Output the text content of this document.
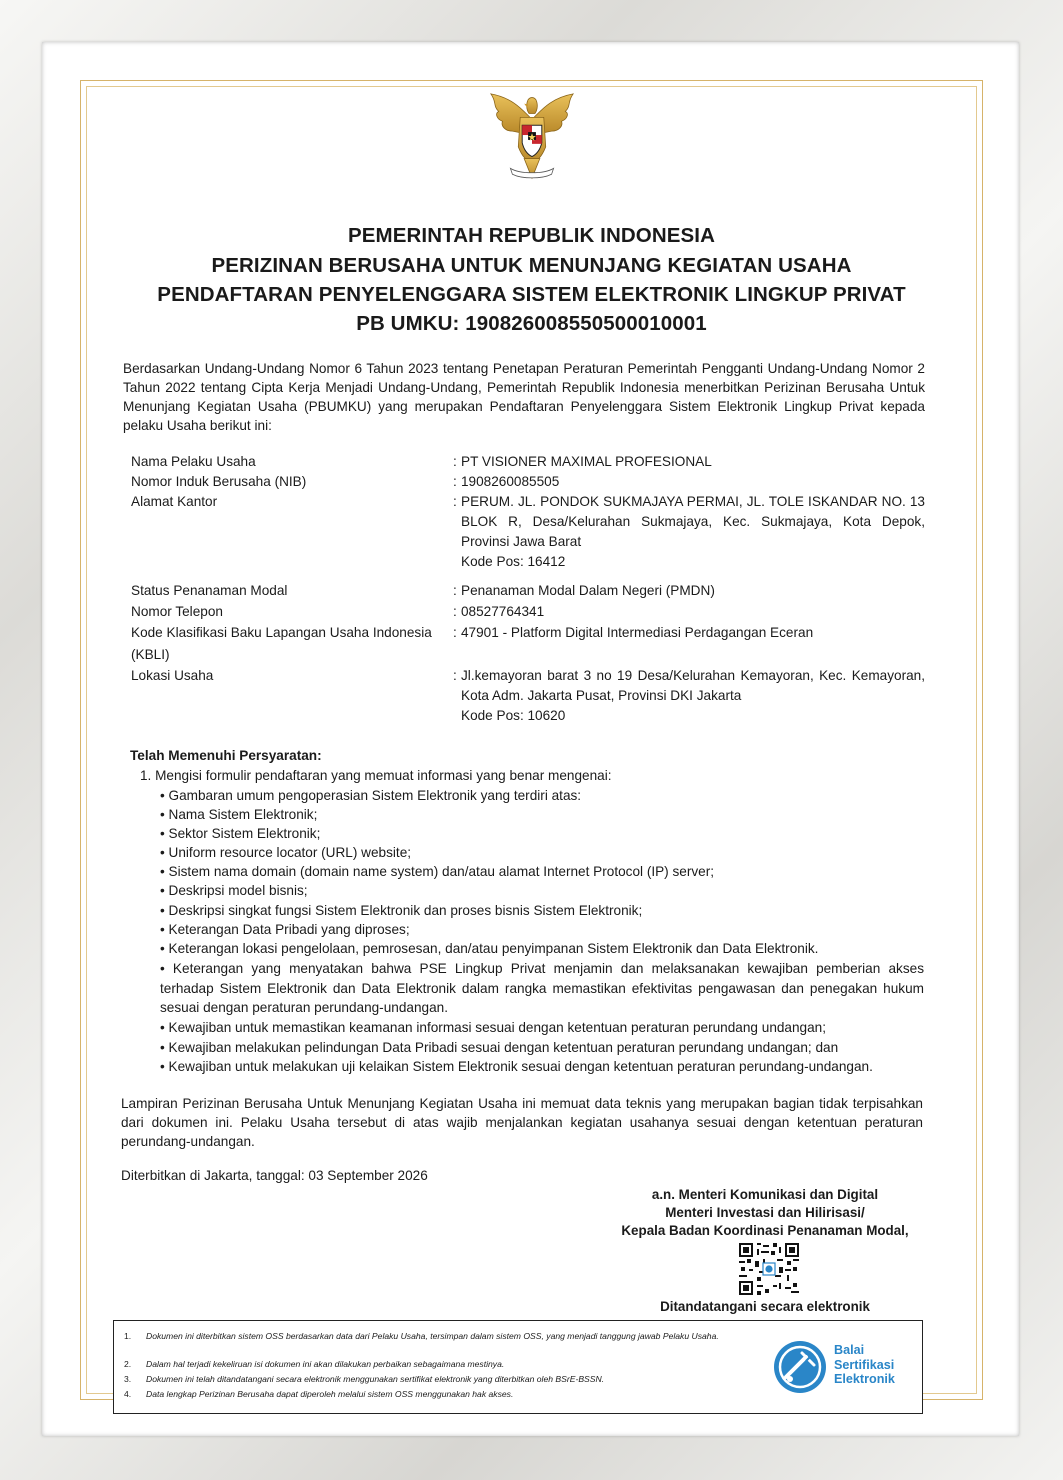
PEMERINTAH REPUBLIK INDONESIA
PERIZINAN BERUSAHA UNTUK MENUNJANG KEGIATAN USAHA
PENDAFTARAN PENYELENGGARA SISTEM ELEKTRONIK LINGKUP PRIVAT
PB UMKU: 190826008550500010001
Berdasarkan Undang-Undang Nomor 6 Tahun 2023 tentang Penetapan Peraturan Pemerintah Pengganti Undang-Undang Nomor 2 Tahun 2022 tentang Cipta Kerja Menjadi Undang-Undang, Pemerintah Republik Indonesia menerbitkan Perizinan Berusaha Untuk Menunjang Kegiatan Usaha (PBUMKU) yang merupakan Pendaftaran Penyelenggara Sistem Elektronik Lingkup Privat kepada pelaku Usaha berikut ini:
Nama Pelaku Usaha	: PT VISIONER MAXIMAL PROFESIONAL
Nomor Induk Berusaha (NIB)	: 1908260085505
Alamat Kantor	: PERUM. JL. PONDOK SUKMAJAYA PERMAI, JL. TOLE ISKANDAR NO. 13 BLOK R, Desa/Kelurahan Sukmajaya, Kec. Sukmajaya, Kota Depok, Provinsi Jawa Barat
Kode Pos: 16412
Status Penanaman Modal	: Penanaman Modal Dalam Negeri (PMDN)
Nomor Telepon	: 08527764341
Kode Klasifikasi Baku Lapangan Usaha Indonesia
(KBLI)
: 47901 - Platform Digital Intermediasi Perdagangan Eceran
Lokasi Usaha	: Jl.kemayoran barat 3 no 19 Desa/Kelurahan Kemayoran, Kec. Kemayoran, Kota Adm. Jakarta Pusat, Provinsi DKI Jakarta
Kode Pos: 10620
Telah Memenuhi Persyaratan:
1. Mengisi formulir pendaftaran yang memuat informasi yang benar mengenai:
• Gambaran umum pengoperasian Sistem Elektronik yang terdiri atas:
• Nama Sistem Elektronik;
• Sektor Sistem Elektronik;
• Uniform resource locator (URL) website;
• Sistem nama domain (domain name system) dan/atau alamat Internet Protocol (IP) server;
• Deskripsi model bisnis;
• Deskripsi singkat fungsi Sistem Elektronik dan proses bisnis Sistem Elektronik;
• Keterangan Data Pribadi yang diproses;
• Keterangan lokasi pengelolaan, pemrosesan, dan/atau penyimpanan Sistem Elektronik dan Data Elektronik.
• Keterangan yang menyatakan bahwa PSE Lingkup Privat menjamin dan melaksanakan kewajiban pemberian akses terhadap Sistem Elektronik dan Data Elektronik dalam rangka memastikan efektivitas pengawasan dan penegakan hukum sesuai dengan peraturan perundang-undangan.
• Kewajiban untuk memastikan keamanan informasi sesuai dengan ketentuan peraturan perundang undangan;
• Kewajiban melakukan pelindungan Data Pribadi sesuai dengan ketentuan peraturan perundang undangan; dan
• Kewajiban untuk melakukan uji kelaikan Sistem Elektronik sesuai dengan ketentuan peraturan perundang-undangan.
Lampiran Perizinan Berusaha Untuk Menunjang Kegiatan Usaha ini memuat data teknis yang merupakan bagian tidak terpisahkan dari dokumen ini. Pelaku Usaha tersebut di atas wajib menjalankan kegiatan usahanya sesuai dengan ketentuan peraturan perundang-undangan.
Diterbitkan di Jakarta, tanggal: 03 September 2026
a.n. Menteri Komunikasi dan Digital
Menteri Investasi dan Hilirisasi/
Kepala Badan Koordinasi Penanaman Modal,
Ditandatangani secara elektronik
1.	Dokumen ini diterbitkan sistem OSS berdasarkan data dari Pelaku Usaha, tersimpan dalam sistem OSS, yang menjadi tanggung jawab Pelaku Usaha.
2.	Dalam hal terjadi kekeliruan isi dokumen ini akan dilakukan perbaikan sebagaimana mestinya.
3.	Dokumen ini telah ditandatangani secara elektronik menggunakan sertifikat elektronik yang diterbitkan oleh BSrE-BSSN.
4.	Data lengkap Perizinan Berusaha dapat diperoleh melalui sistem OSS menggunakan hak akses.
Balai
Sertifikasi
Elektronik
